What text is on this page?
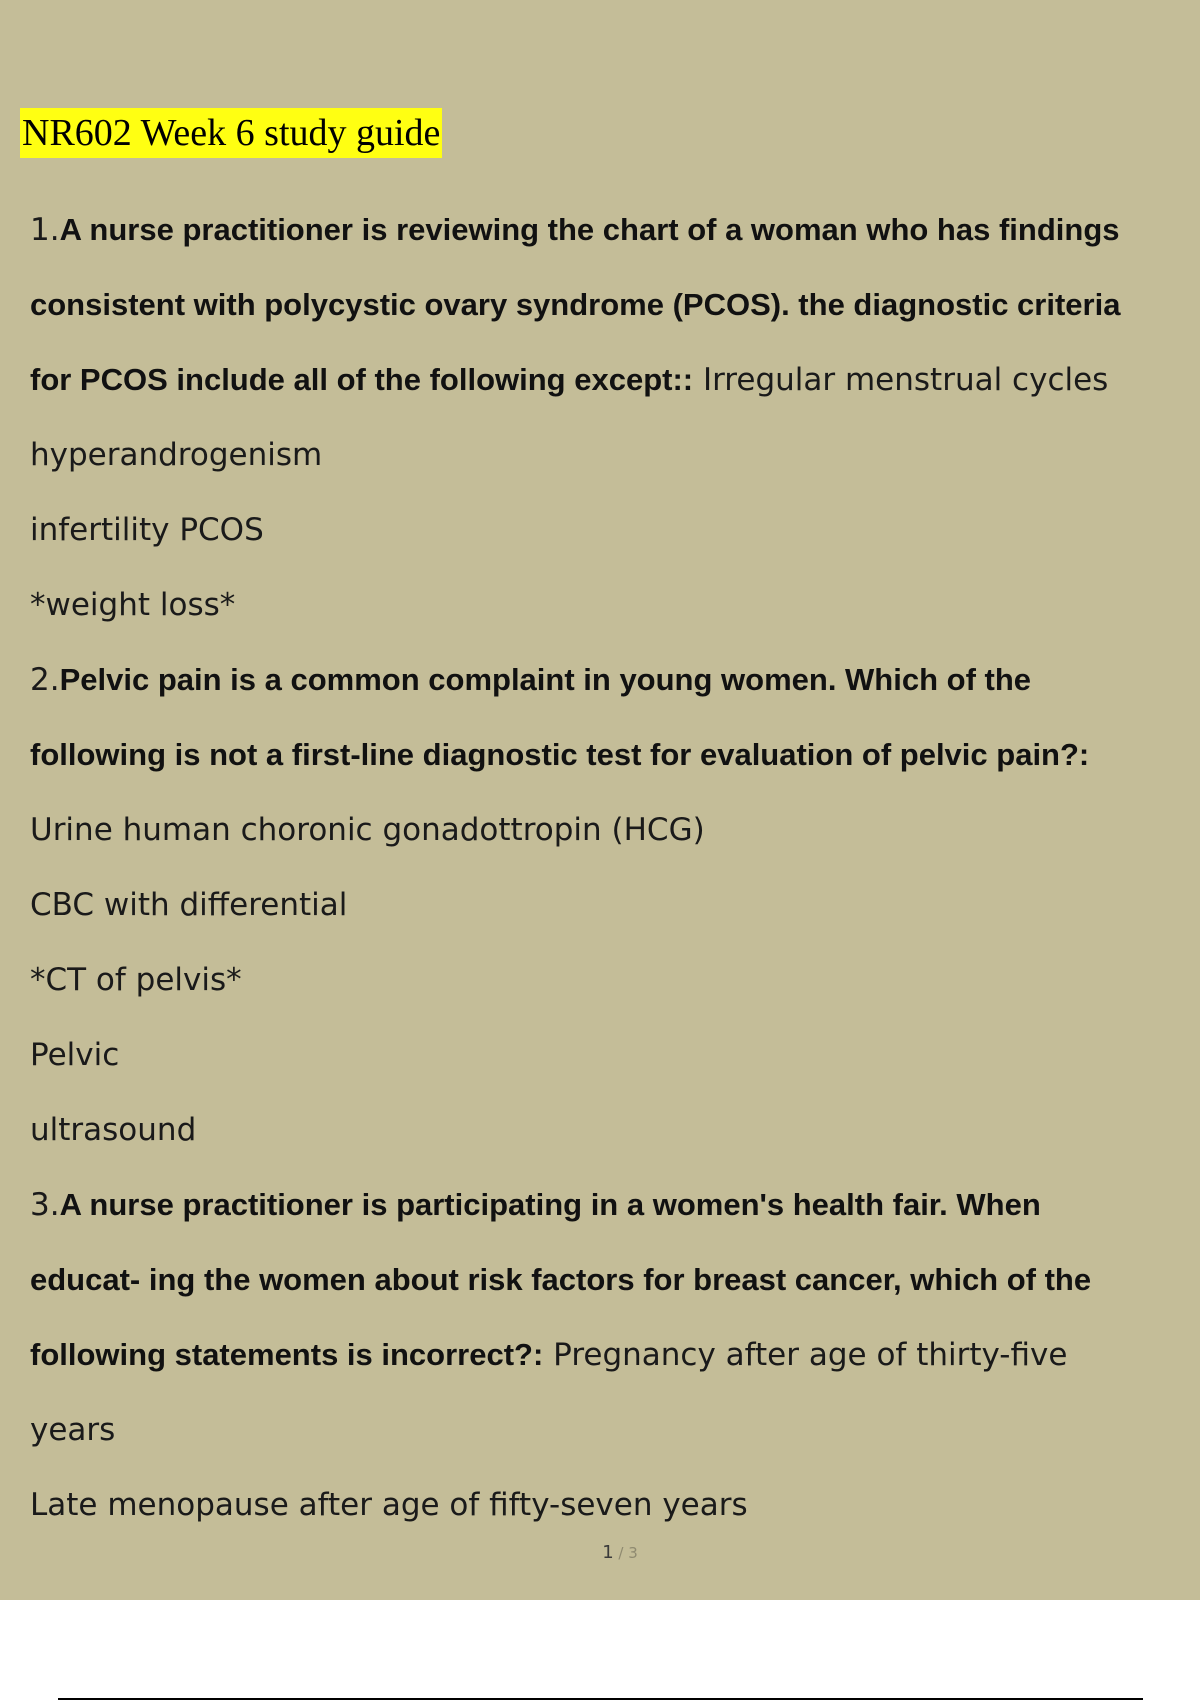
NR602 Week 6 study guide
1.A nurse practitioner is reviewing the chart of a woman who has findings
consistent with polycystic ovary syndrome (PCOS). the diagnostic criteria
for PCOS include all of the following except:: Irregular menstrual cycles
hyperandrogenism
infertility PCOS
*weight loss*
2.Pelvic pain is a common complaint in young women. Which of the
following is not a first-line diagnostic test for evaluation of pelvic pain?:
Urine human choronic gonadottropin (HCG)
CBC with differential
*CT of pelvis*
Pelvic
ultrasound
3.A nurse practitioner is participating in a women's health fair. When
educat- ing the women about risk factors for breast cancer, which of the
following statements is incorrect?: Pregnancy after age of thirty-five
years
Late menopause after age of fifty-seven years
1 / 3
